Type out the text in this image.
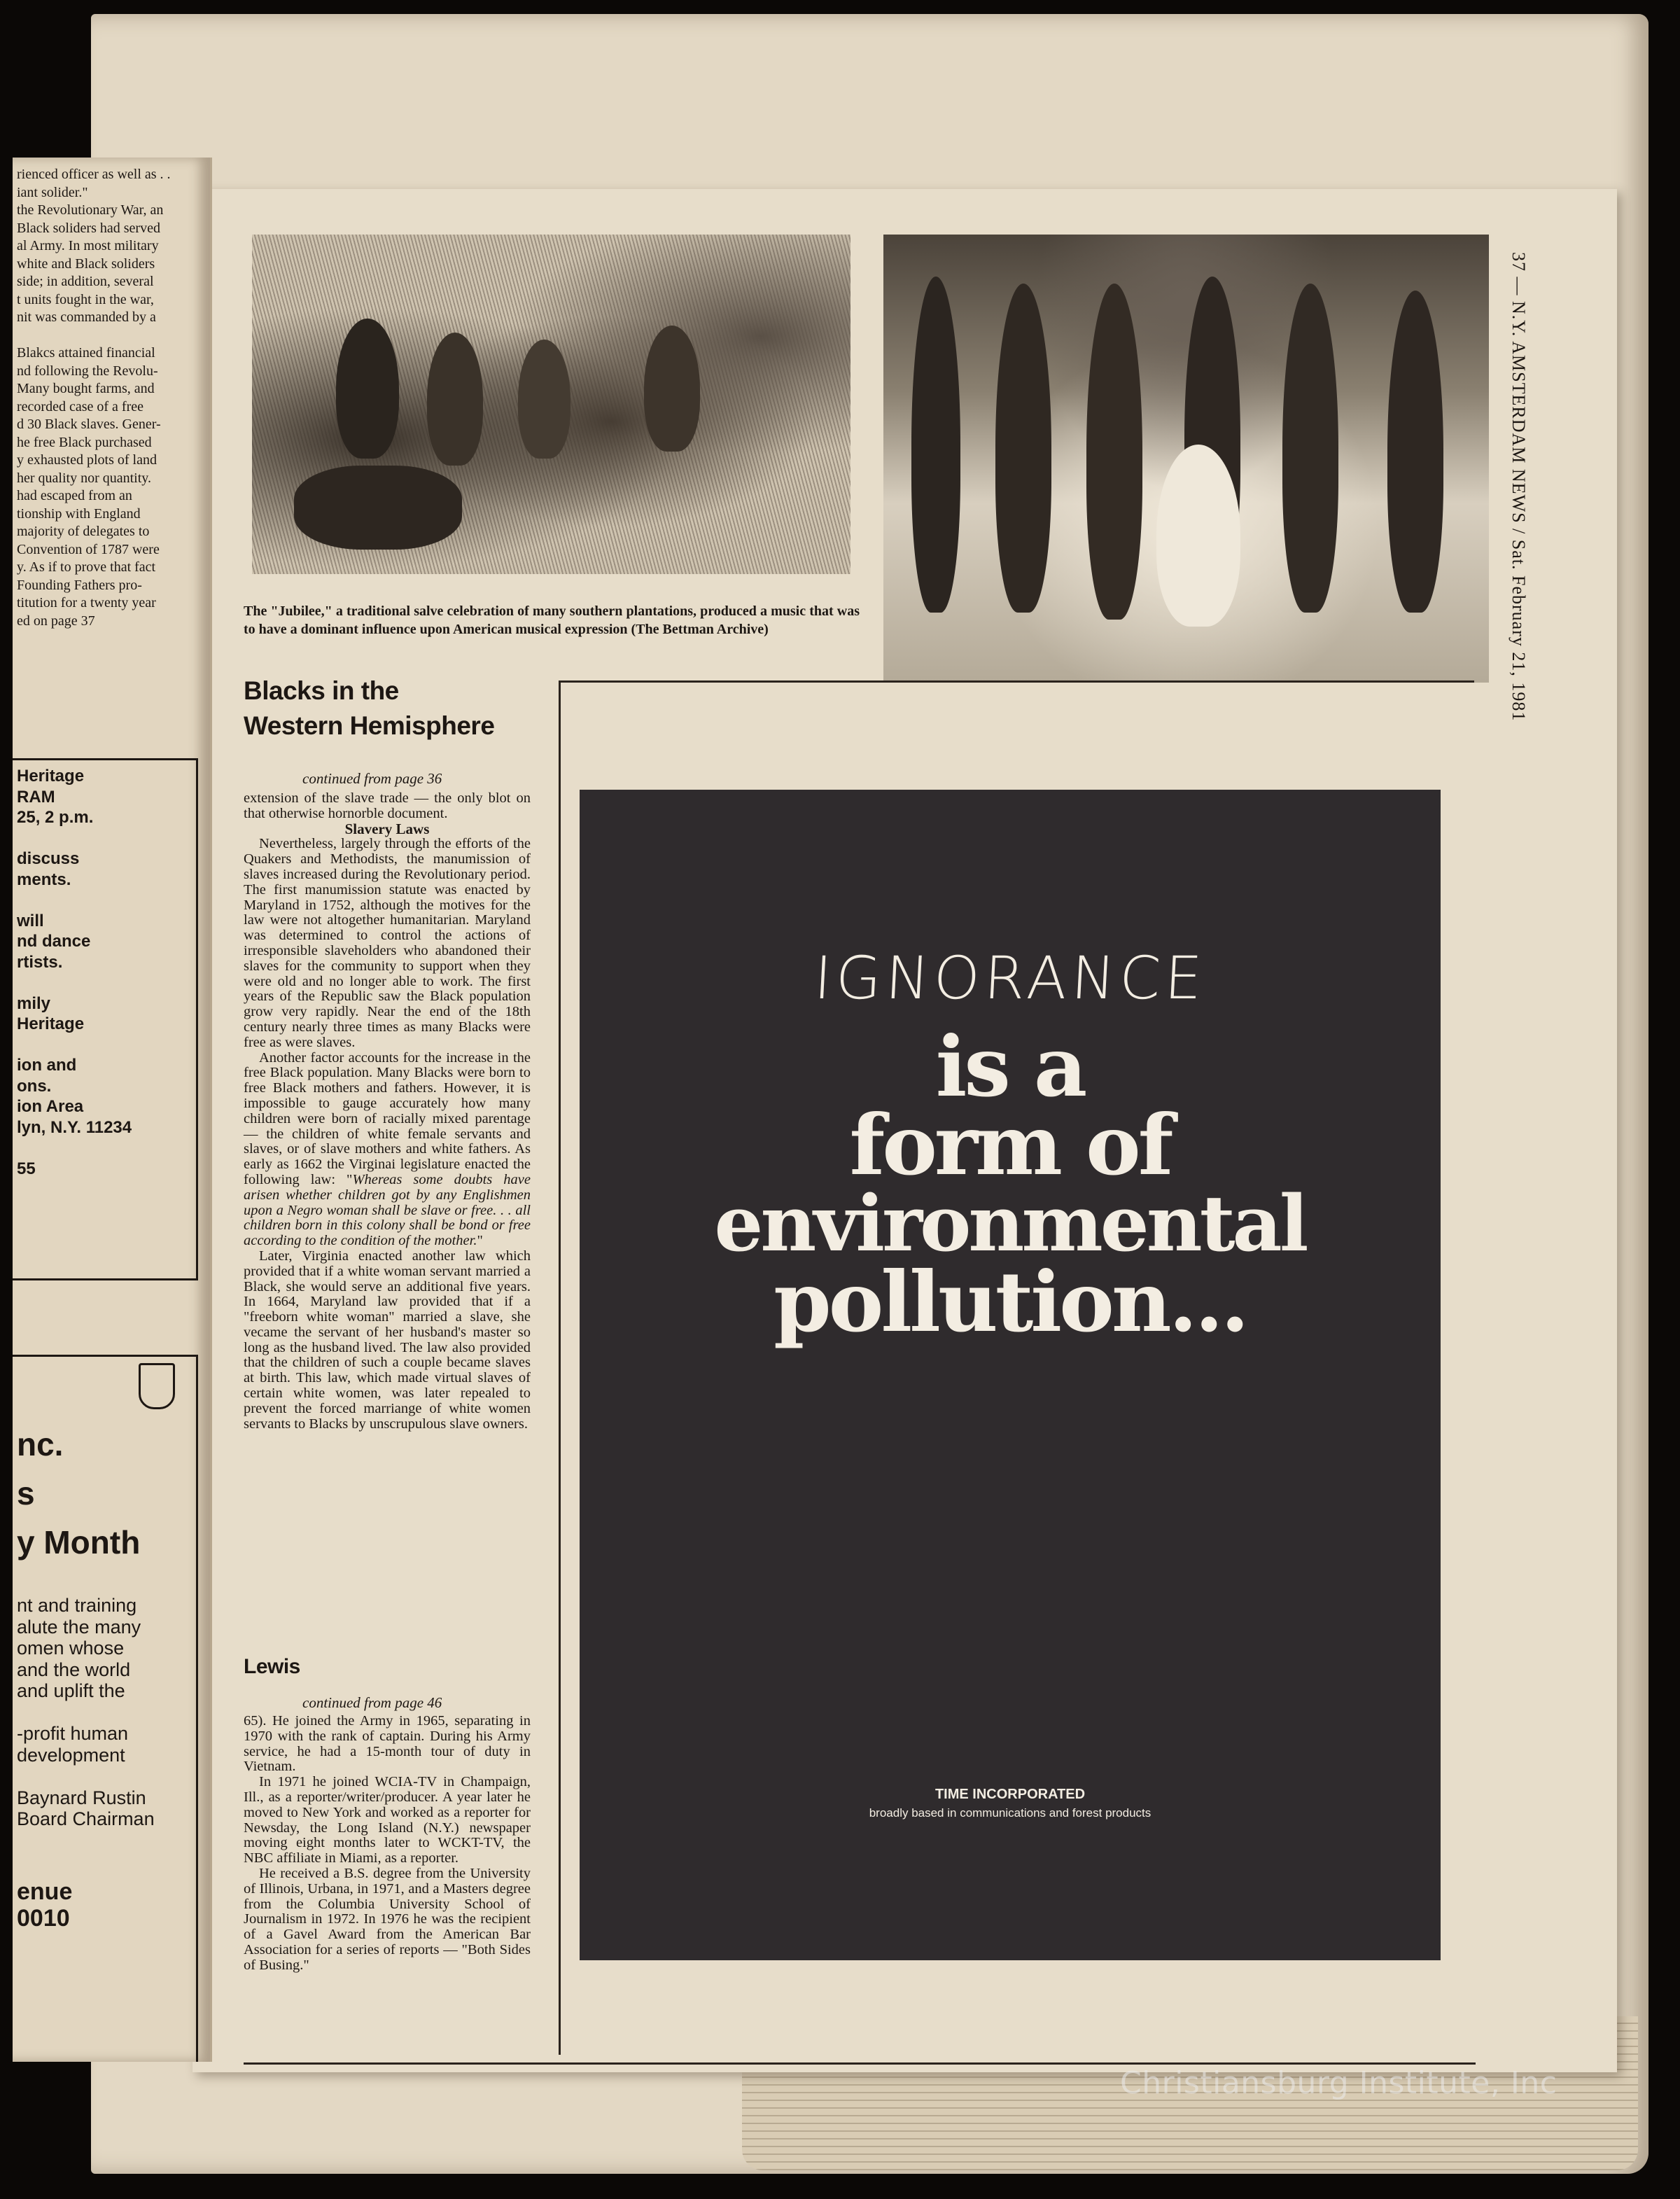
rienced officer as well as . .
iant solider."
the Revolutionary War, an
Black soliders had served
al Army. In most military
white and Black soliders
side; in addition, several
t units fought in the war,
nit was commanded by a

Blakcs attained financial
nd following the Revolu-
Many bought farms, and
recorded case of a free
d 30 Black slaves. Gener-
he free Black purchased
y exhausted plots of land
her quality nor quantity.
had escaped from an
tionship with England
majority of delegates to
Convention of 1787 were
y. As if to prove that fact
Founding Fathers pro-
titution for a twenty year
ed on page 37
Heritage
RAM
25, 2 p.m.

discuss
ments.

will
nd dance
rtists.

mily
Heritage

ion and
ons.
ion Area
lyn, N.Y. 11234

55
nc.
s
y Month
nt and training
alute the many
omen whose
and the world
and uplift the

-profit human
development

Baynard Rustin
Board Chairman
enue
0010
The "Jubilee," a traditional salve celebration of many southern plantations, produced a music that was to have a dominant influence upon American musical expression (The Bettman Archive)	37 — N.Y. AMSTERDAM NEWS / Sat. February 21, 1981
Blacks in the
Western Hemisphere
continued from page 36

extension of the slave trade — the only blot on that otherwise hornorble document.

Slavery Laws

Nevertheless, largely through the efforts of the Quakers and Methodists, the manumission of slaves increased during the Revolutionary period. The first manumission statute was enacted by Maryland in 1752, although the motives for the law were not altogether humanitarian. Maryland was determined to control the actions of irresponsible slaveholders who abandoned their slaves for the community to support when they were old and no longer able to work. The first years of the Republic saw the Black population grow very rapidly. Near the end of the 18th century nearly three times as many Blacks were free as were slaves.

Another factor accounts for the increase in the free Black population. Many Blacks were born to free Black mothers and fathers. However, it is impossible to gauge accurately how many children were born of racially mixed parentage — the children of white female servants and slaves, or of slave mothers and white fathers. As early as 1662 the Virginai legislature enacted the following law: "Whereas some doubts have arisen whether children got by any Englishmen upon a Negro woman shall be slave or free. . . all children born in this colony shall be bond or free according to the condition of the mother."

Later, Virginia enacted another law which provided that if a white woman servant married a Black, she would serve an additional five years. In 1664, Maryland law provided that if a "freeborn white woman" married a slave, she vecame the servant of her husband's master so long as the husband lived. The law also provided that the children of such a couple became slaves at birth. This law, which made virtual slaves of certain white women, was later repealed to prevent the forced marriange of white women servants to Blacks by unscrupulous slave owners.

Lewis
continued from page 46

65). He joined the Army in 1965, separating in 1970 with the rank of captain. During his Army service, he had a 15-month tour of duty in Vietnam.

In 1971 he joined WCIA-TV in Champaign, Ill., as a reporter/writer/producer. A year later he moved to New York and worked as a reporter for Newsday, the Long Island (N.Y.) newspaper moving eight months later to WCKT-TV, the NBC affiliate in Miami, as a reporter.

He received a B.S. degree from the University of Illinois, Urbana, in 1971, and a Masters degree from the Columbia University School of Journalism in 1972. In 1976 he was the recipient of a Gavel Award from the American Bar Association for a series of reports — "Both Sides of Busing."

IGNORANCE
is a
form of
environmental
pollution...
TIME INCORPORATED
broadly based in communications and forest products
Christiansburg Institute, Inc
